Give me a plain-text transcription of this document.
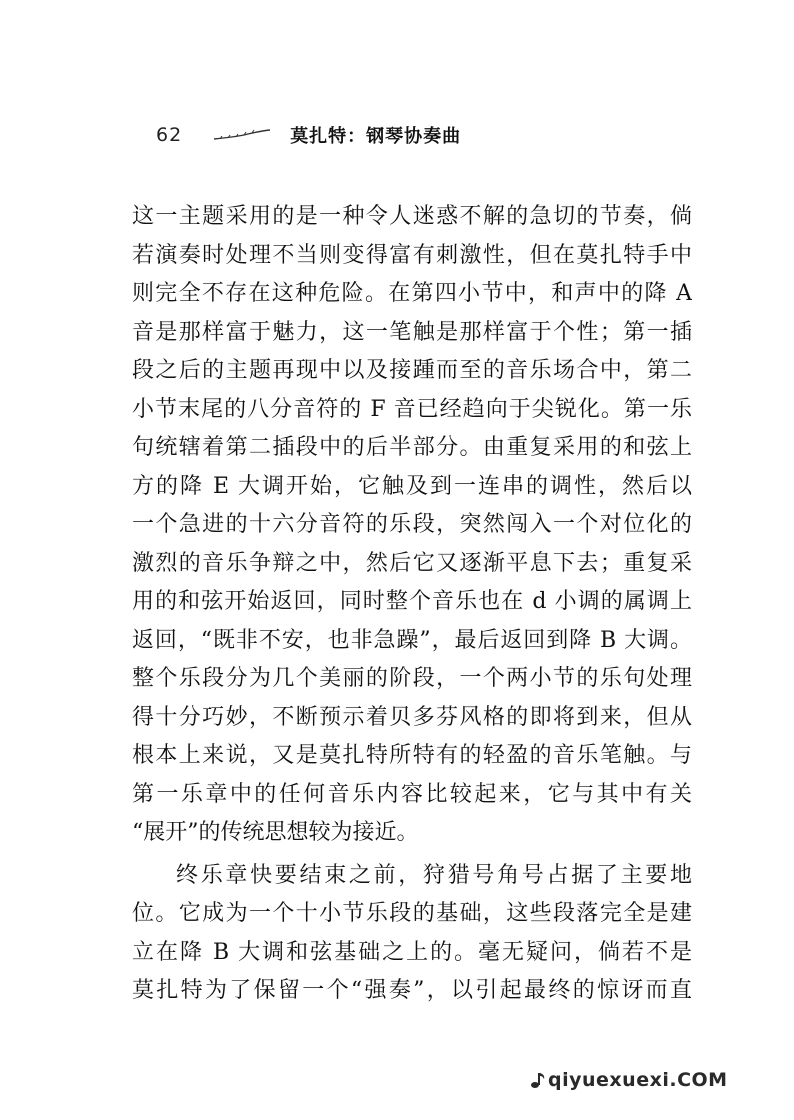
62	莫扎特：钢琴协奏曲
这一主题采用的是一种令人迷惑不解的急切的节奏，倘
若演奏时处理不当则变得富有刺激性，但在莫扎特手中
则完全不存在这种危险。在第四小节中，和声中的降 A
音是那样富于魅力，这一笔触是那样富于个性；第一插
段之后的主题再现中以及接踵而至的音乐场合中，第二
小节末尾的八分音符的 F 音已经趋向于尖锐化。第一乐
句统辖着第二插段中的后半部分。由重复采用的和弦上
方的降 E 大调开始，它触及到一连串的调性，然后以
一个急进的十六分音符的乐段，突然闯入一个对位化的
激烈的音乐争辩之中，然后它又逐渐平息下去；重复采
用的和弦开始返回，同时整个音乐也在 d 小调的属调上
返回，“既非不安，也非急躁”，最后返回到降 B 大调。
整个乐段分为几个美丽的阶段，一个两小节的乐句处理
得十分巧妙，不断预示着贝多芬风格的即将到来，但从
根本上来说，又是莫扎特所特有的轻盈的音乐笔触。与
第一乐章中的任何音乐内容比较起来，它与其中有关
“展开”的传统思想较为接近。
终乐章快要结束之前，狩猎号角号占据了主要地
位。它成为一个十小节乐段的基础，这些段落完全是建
立在降 B 大调和弦基础之上的。毫无疑问，倘若不是
莫扎特为了保留一个“强奏”，以引起最终的惊讶而直
qiyuexuexi.COM
